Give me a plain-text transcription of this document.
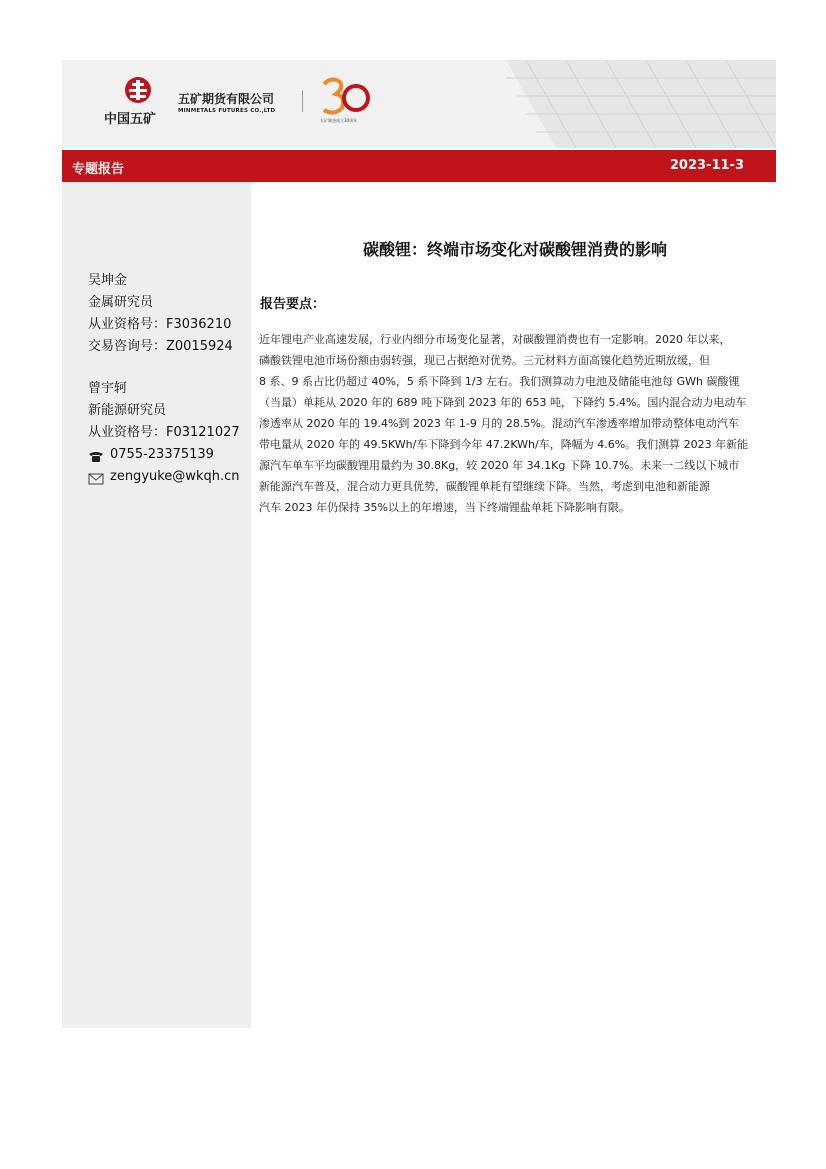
中国五矿
五矿期货有限公司
MINMETALS FUTURES CO.,LTD
五矿期货成立30周年
专题报告	2023-11-3
吴坤金
金属研究员
从业资格号：F3036210
交易咨询号：Z0015924
曾宇轲
新能源研究员
从业资格号：F03121027
0755-23375139
zengyuke@wkqh.cn
碳酸锂：终端市场变化对碳酸锂消费的影响
报告要点：
近年锂电产业高速发展，行业内细分市场变化显著，对碳酸锂消费也有一定影响。2020 年以来，
磷酸铁锂电池市场份额由弱转强，现已占据绝对优势。三元材料方面高镍化趋势近期放缓，但
8 系、9 系占比仍超过 40%，5 系下降到 1/3 左右。我们测算动力电池及储能电池每 GWh 碳酸锂
（当量）单耗从 2020 年的 689 吨下降到 2023 年的 653 吨，下降约 5.4%。国内混合动力电动车
渗透率从 2020 年的 19.4%到 2023 年 1-9 月的 28.5%。混动汽车渗透率增加带动整体电动汽车
带电量从 2020 年的 49.5KWh/车下降到今年 47.2KWh/车，降幅为 4.6%。我们测算 2023 年新能
源汽车单车平均碳酸锂用量约为 30.8Kg，较 2020 年 34.1Kg 下降 10.7%。未来一二线以下城市
新能源汽车普及，混合动力更具优势，碳酸锂单耗有望继续下降。当然，考虑到电池和新能源
汽车 2023 年仍保持 35%以上的年增速，当下终端锂盐单耗下降影响有限。
